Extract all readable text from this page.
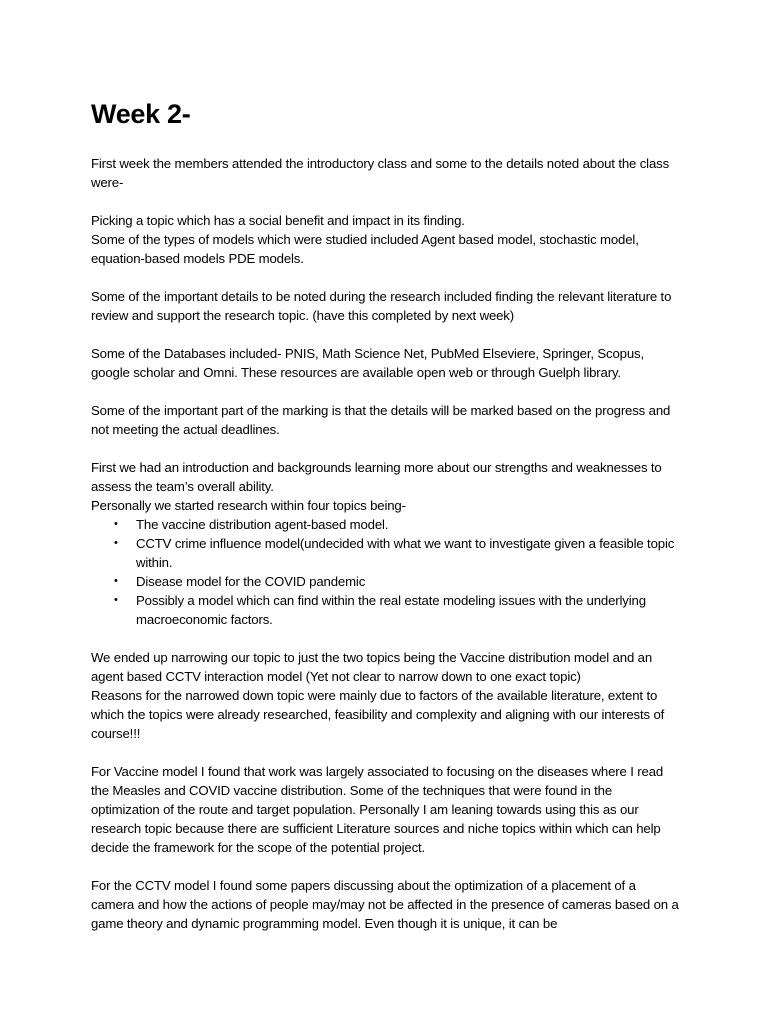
Week 2-

First week the members attended the introductory class and some to the details noted about the class were-

Picking a topic which has a social benefit and impact in its finding.

Some of the types of models which were studied included Agent based model, stochastic model, equation-based models PDE models.

Some of the important details to be noted during the research included finding the relevant literature to review and support the research topic. (have this completed by next week)

Some of the Databases included- PNIS, Math Science Net, PubMed Elseviere, Springer, Scopus, google scholar and Omni. These resources are available open web or through Guelph library.

Some of the important part of the marking is that the details will be marked based on the progress and not meeting the actual deadlines.

First we had an introduction and backgrounds learning more about our strengths and weaknesses to assess the team’s overall ability.

Personally we started research within four topics being-

• The vaccine distribution agent-based model.
• CCTV crime influence model(undecided with what we want to investigate given a feasible topic within.
• Disease model for the COVID pandemic
• Possibly a model which can find within the real estate modeling issues with the underlying macroeconomic factors.

We ended up narrowing our topic to just the two topics being the Vaccine distribution model and an agent based CCTV interaction model (Yet not clear to narrow down to one exact topic)

Reasons for the narrowed down topic were mainly due to factors of the available literature, extent to which the topics were already researched, feasibility and complexity and aligning with our interests of course!!!

For Vaccine model I found that work was largely associated to focusing on the diseases where I read the Measles and COVID vaccine distribution. Some of the techniques that were found in the optimization of the route and target population. Personally I am leaning towards using this as our research topic because there are sufficient Literature sources and niche topics within which can help decide the framework for the scope of the potential project.

For the CCTV model I found some papers discussing about the optimization of a placement of a camera and how the actions of people may/may not be affected in the presence of cameras based on a game theory and dynamic programming model. Even though it is unique, it can be
